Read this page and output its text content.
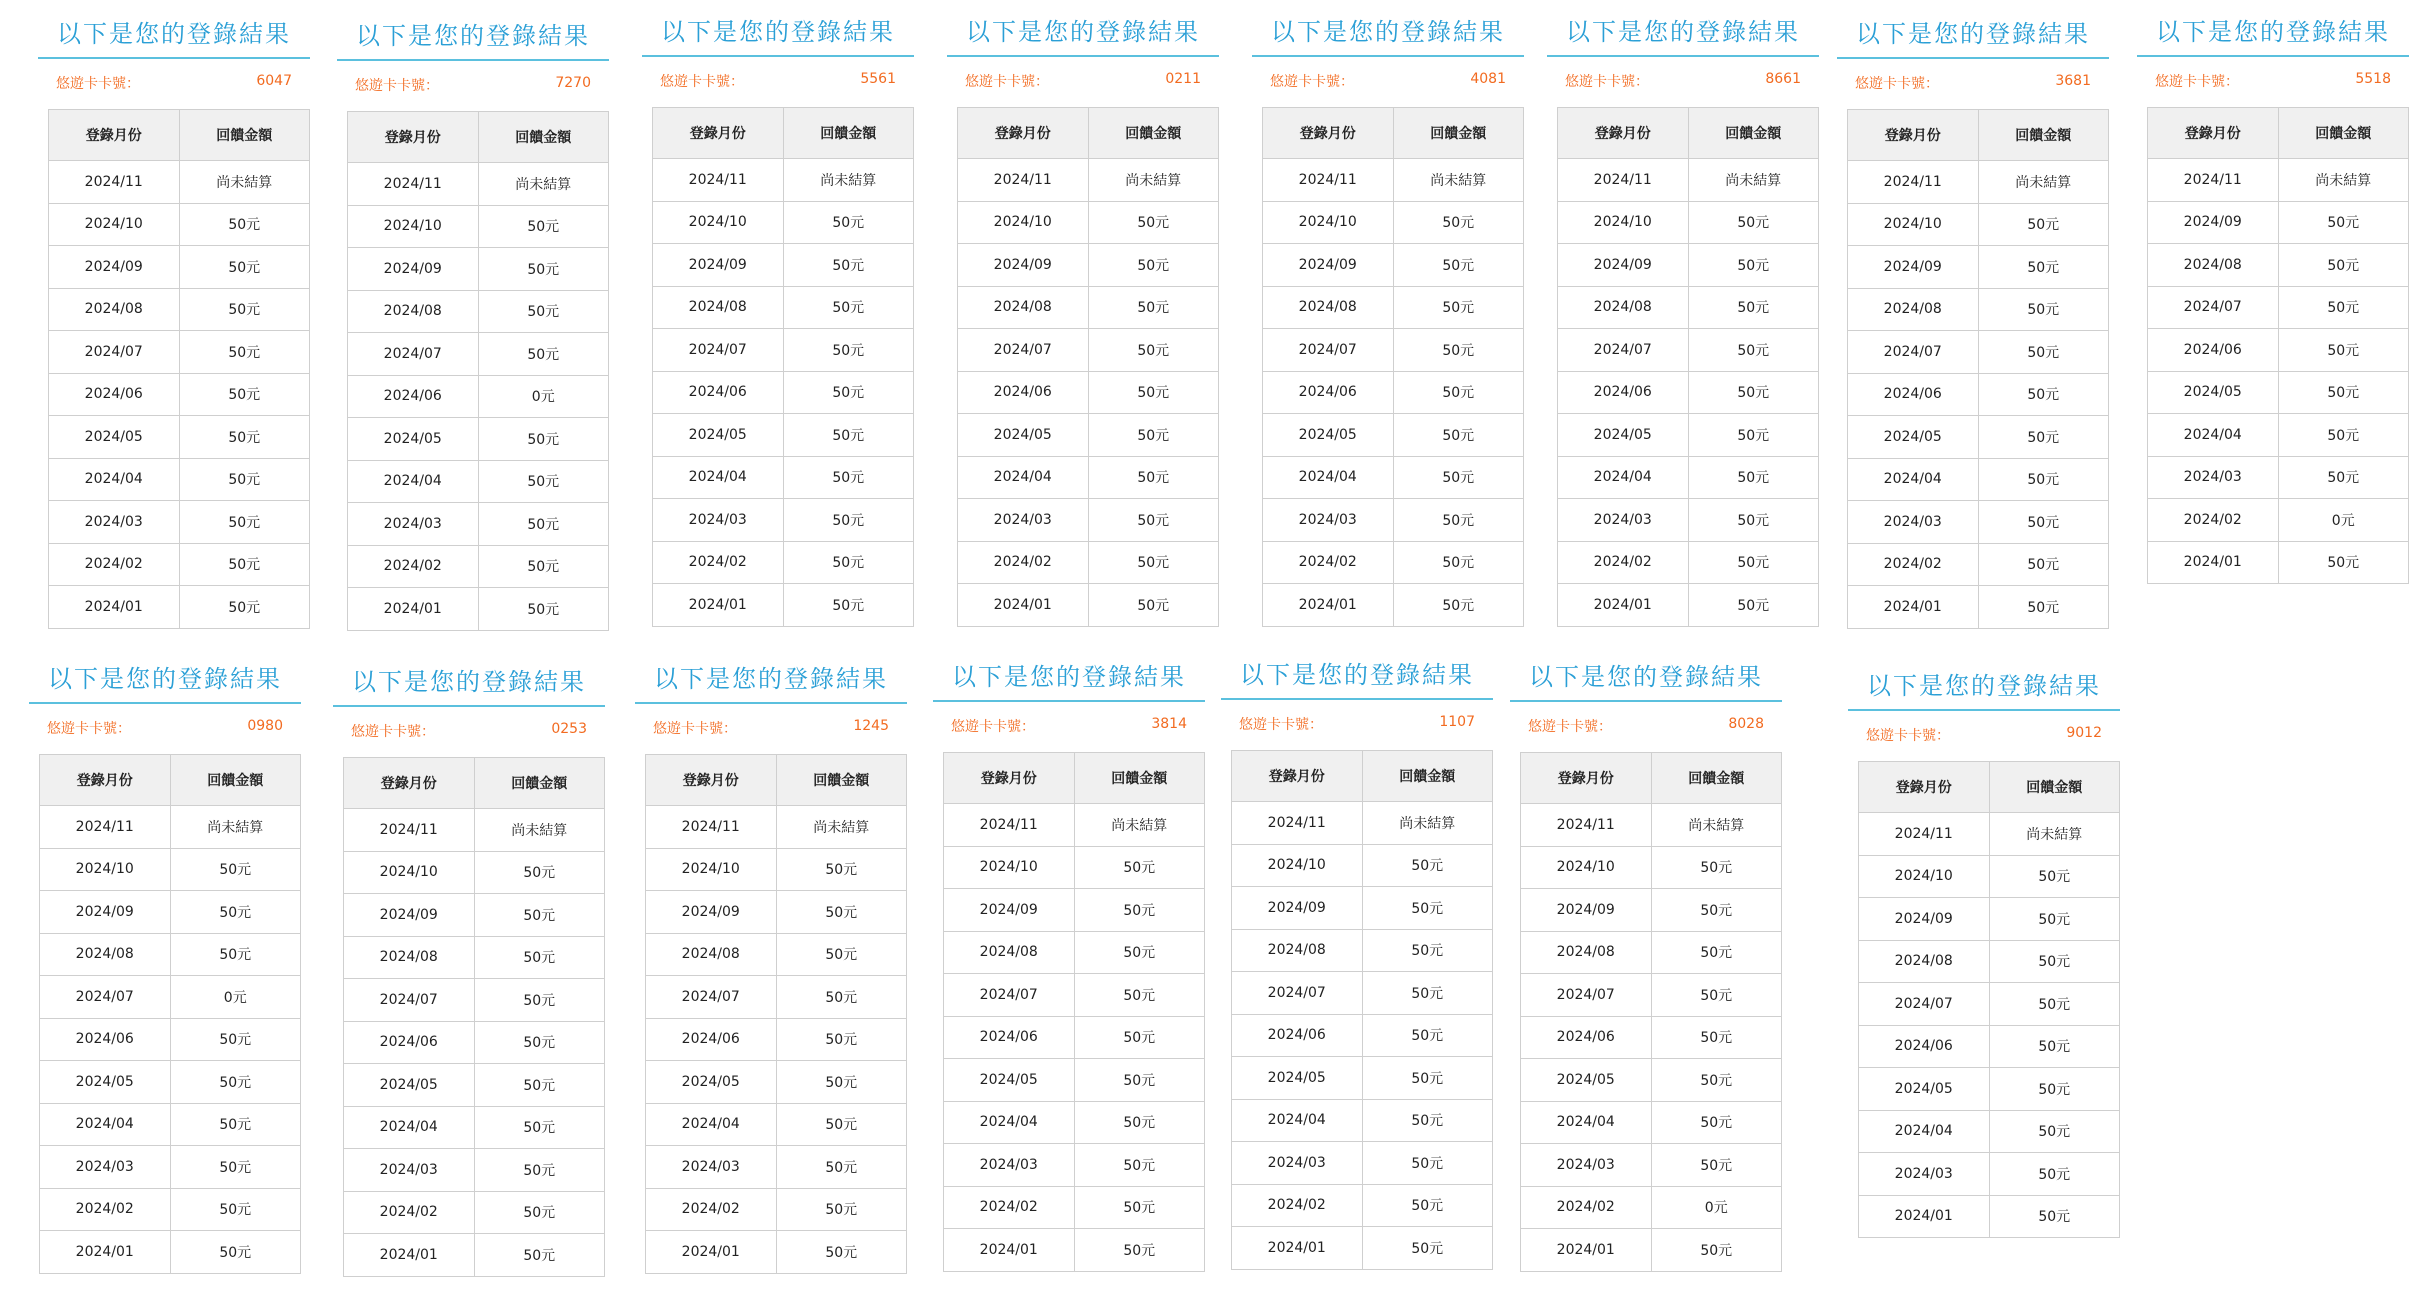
以下是您的登錄結果
悠遊卡卡號：	6047
登錄月份	回饋金額
2024/11	尚未結算
2024/10	50元
2024/09	50元
2024/08	50元
2024/07	50元
2024/06	50元
2024/05	50元
2024/04	50元
2024/03	50元
2024/02	50元
2024/01	50元
以下是您的登錄結果
悠遊卡卡號：	7270
登錄月份	回饋金額
2024/11	尚未結算
2024/10	50元
2024/09	50元
2024/08	50元
2024/07	50元
2024/06	0元
2024/05	50元
2024/04	50元
2024/03	50元
2024/02	50元
2024/01	50元
以下是您的登錄結果
悠遊卡卡號：	5561
登錄月份	回饋金額
2024/11	尚未結算
2024/10	50元
2024/09	50元
2024/08	50元
2024/07	50元
2024/06	50元
2024/05	50元
2024/04	50元
2024/03	50元
2024/02	50元
2024/01	50元
以下是您的登錄結果
悠遊卡卡號：	0211
登錄月份	回饋金額
2024/11	尚未結算
2024/10	50元
2024/09	50元
2024/08	50元
2024/07	50元
2024/06	50元
2024/05	50元
2024/04	50元
2024/03	50元
2024/02	50元
2024/01	50元
以下是您的登錄結果
悠遊卡卡號：	4081
登錄月份	回饋金額
2024/11	尚未結算
2024/10	50元
2024/09	50元
2024/08	50元
2024/07	50元
2024/06	50元
2024/05	50元
2024/04	50元
2024/03	50元
2024/02	50元
2024/01	50元
以下是您的登錄結果
悠遊卡卡號：	8661
登錄月份	回饋金額
2024/11	尚未結算
2024/10	50元
2024/09	50元
2024/08	50元
2024/07	50元
2024/06	50元
2024/05	50元
2024/04	50元
2024/03	50元
2024/02	50元
2024/01	50元
以下是您的登錄結果
悠遊卡卡號：	3681
登錄月份	回饋金額
2024/11	尚未結算
2024/10	50元
2024/09	50元
2024/08	50元
2024/07	50元
2024/06	50元
2024/05	50元
2024/04	50元
2024/03	50元
2024/02	50元
2024/01	50元
以下是您的登錄結果
悠遊卡卡號：	5518
登錄月份	回饋金額
2024/11	尚未結算
2024/09	50元
2024/08	50元
2024/07	50元
2024/06	50元
2024/05	50元
2024/04	50元
2024/03	50元
2024/02	0元
2024/01	50元
以下是您的登錄結果
悠遊卡卡號：	0980
登錄月份	回饋金額
2024/11	尚未結算
2024/10	50元
2024/09	50元
2024/08	50元
2024/07	0元
2024/06	50元
2024/05	50元
2024/04	50元
2024/03	50元
2024/02	50元
2024/01	50元
以下是您的登錄結果
悠遊卡卡號：	0253
登錄月份	回饋金額
2024/11	尚未結算
2024/10	50元
2024/09	50元
2024/08	50元
2024/07	50元
2024/06	50元
2024/05	50元
2024/04	50元
2024/03	50元
2024/02	50元
2024/01	50元
以下是您的登錄結果
悠遊卡卡號：	1245
登錄月份	回饋金額
2024/11	尚未結算
2024/10	50元
2024/09	50元
2024/08	50元
2024/07	50元
2024/06	50元
2024/05	50元
2024/04	50元
2024/03	50元
2024/02	50元
2024/01	50元
以下是您的登錄結果
悠遊卡卡號：	3814
登錄月份	回饋金額
2024/11	尚未結算
2024/10	50元
2024/09	50元
2024/08	50元
2024/07	50元
2024/06	50元
2024/05	50元
2024/04	50元
2024/03	50元
2024/02	50元
2024/01	50元
以下是您的登錄結果
悠遊卡卡號：	1107
登錄月份	回饋金額
2024/11	尚未結算
2024/10	50元
2024/09	50元
2024/08	50元
2024/07	50元
2024/06	50元
2024/05	50元
2024/04	50元
2024/03	50元
2024/02	50元
2024/01	50元
以下是您的登錄結果
悠遊卡卡號：	8028
登錄月份	回饋金額
2024/11	尚未結算
2024/10	50元
2024/09	50元
2024/08	50元
2024/07	50元
2024/06	50元
2024/05	50元
2024/04	50元
2024/03	50元
2024/02	0元
2024/01	50元
以下是您的登錄結果
悠遊卡卡號：	9012
登錄月份	回饋金額
2024/11	尚未結算
2024/10	50元
2024/09	50元
2024/08	50元
2024/07	50元
2024/06	50元
2024/05	50元
2024/04	50元
2024/03	50元
2024/01	50元
